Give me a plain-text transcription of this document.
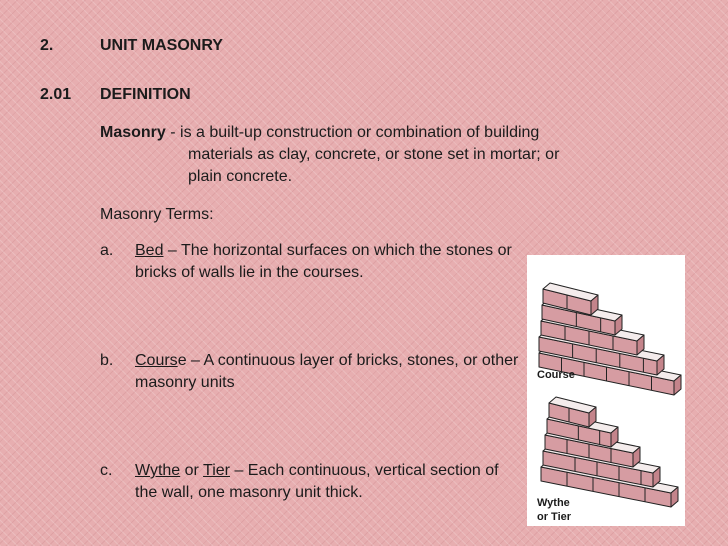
2.	UNIT MASONRY
2.01 DEFINITION
Masonry - is a built-up construction or combination of building
materials as clay, concrete, or stone set in mortar; or
plain concrete.
Masonry Terms:
a. Bed – The horizontal surfaces on which the stones or bricks of walls lie in the courses.
b. Course – A continuous layer of bricks, stones, or other masonry units
c. Wythe or Tier – Each continuous, vertical section of the wall, one masonry unit thick.
Course
Wythe
or Tier
